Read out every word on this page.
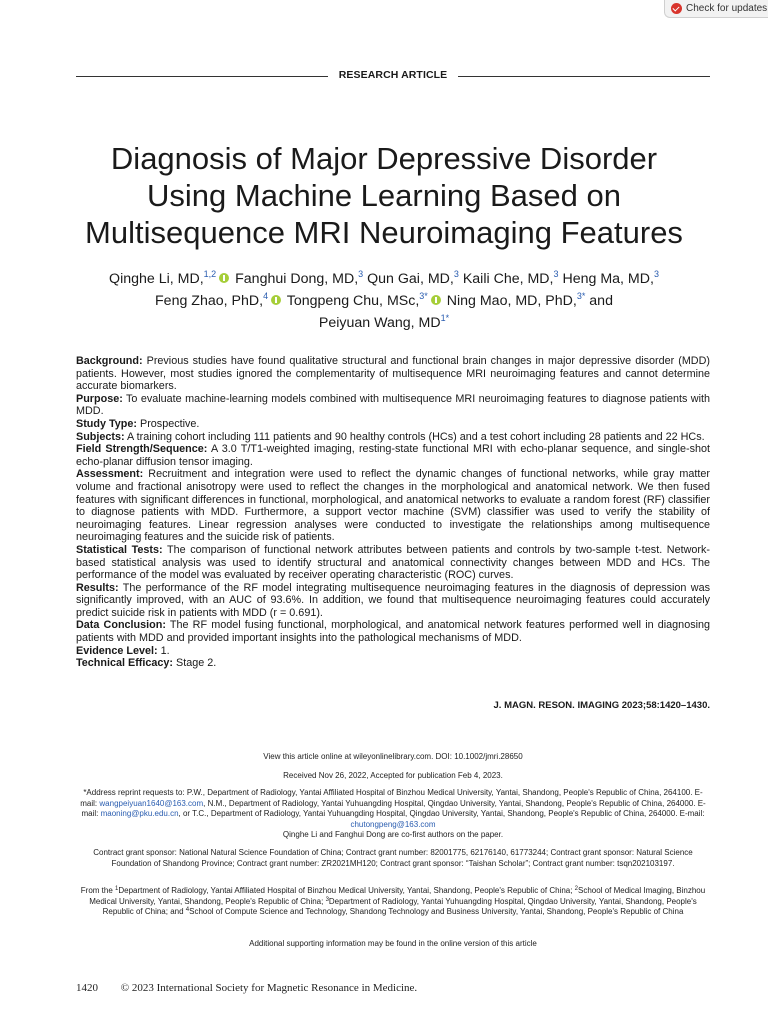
Check for updates
RESEARCH ARTICLE
Diagnosis of Major Depressive Disorder
Using Machine Learning Based on
Multisequence MRI Neuroimaging Features

Qinghe Li, MD,$^{1,2}$ Fanghui Dong, MD,$^3$ Qun Gai, MD,$^3$ Kaili Che, MD,$^3$ Heng Ma, MD,$^3$
Feng Zhao, PhD,$^4$ Tongpeng Chu, MSc,$^{3*}$ Ning Mao, MD, PhD,$^{3*}$ and
Peiyuan Wang, $MD^{1*}$

Background: Previous studies have found qualitative structural and functional brain changes in major depressive disorder (MDD) patients. However, most studies ignored the complementarity of multisequence MRI neuroimaging features and cannot determine accurate biomarkers.

Purpose: To evaluate machine-learning models combined with multisequence MRI neuroimaging features to diagnose patients with MDD.

Study Type: Prospective.

Subjects: A training cohort including 111 patients and 90 healthy controls (HCs) and a test cohort including 28 patients and 22 HCs.

Field Strength/Sequence: A 3.0 T/T1-weighted imaging, resting-state functional MRI with echo-planar sequence, and single-shot echo-planar diffusion tensor imaging.

Assessment: Recruitment and integration were used to reflect the dynamic changes of functional networks, while gray matter volume and fractional anisotropy were used to reflect the changes in the morphological and anatomical network. We then fused features with significant differences in functional, morphological, and anatomical networks to evaluate a random forest (RF) classifier to diagnose patients with MDD. Furthermore, a support vector machine (SVM) classifier was used to verify the stability of neuroimaging features. Linear regression analyses were conducted to investigate the relationships among multisequence neuroimaging features and the suicide risk of patients.

Statistical Tests: The comparison of functional network attributes between patients and controls by two-sample t-test. Network-based statistical analysis was used to identify structural and anatomical connectivity changes between MDD and HCs. The performance of the model was evaluated by receiver operating characteristic (ROC) curves.

Results: The performance of the RF model integrating multisequence neuroimaging features in the diagnosis of depression was significantly improved, with an AUC of 93.6%. In addition, we found that multisequence neuroimaging features could accurately predict suicide risk in patients with MDD (r = 0.691).

Data Conclusion: The RF model fusing functional, morphological, and anatomical network features performed well in diagnosing patients with MDD and provided important insights into the pathological mechanisms of MDD.

Evidence Level: 1.

Technical Efficacy: Stage 2.

J. MAGN. RESON. IMAGING 2023;58:1420–1430.

View this article online at wileyonlinelibrary.com. DOI: 10.1002/jmri.28650

Received Nov 26, 2022, Accepted for publication Feb 4, 2023.

*Address reprint requests to: P.W., Department of Radiology, Yantai Affiliated Hospital of Binzhou Medical University, Yantai, Shandong, People's Republic of China, 264100. E-mail: wangpeiyuan1640@163.com, N.M., Department of Radiology, Yantai Yuhuangding Hospital, Qingdao University, Yantai, Shandong, People's Republic of China, 264000. E-mail: maoning@pku.edu.cn, or T.C., Department of Radiology, Yantai Yuhuangding Hospital, Qingdao University, Yantai, Shandong, People's Republic of China, 264000. E-mail: chutongpeng@163.com

Qinghe Li and Fanghui Dong are co-first authors on the paper.

Contract grant sponsor: National Natural Science Foundation of China; Contract grant number: 82001775, 62176140, 61773244; Contract grant sponsor: Natural Science Foundation of Shandong Province; Contract grant number: ZR2021MH120; Contract grant sponsor: “Taishan Scholar”; Contract grant number: tsqn202103197.

From the $^1$Department of Radiology, Yantai Affiliated Hospital of Binzhou Medical University, Yantai, Shandong, People's Republic of China; $^2$School of Medical Imaging, Binzhou Medical University, Yantai, Shandong, People's Republic of China; $^3$Department of Radiology, Yantai Yuhuangding Hospital, Qingdao University, Yantai, Shandong, People's Republic of China; and $^4$School of Compute Science and Technology, Shandong Technology and Business University, Yantai, Shandong, People's Republic of China

Additional supporting information may be found in the online version of this article

1420 © 2023 International Society for Magnetic Resonance in Medicine.
